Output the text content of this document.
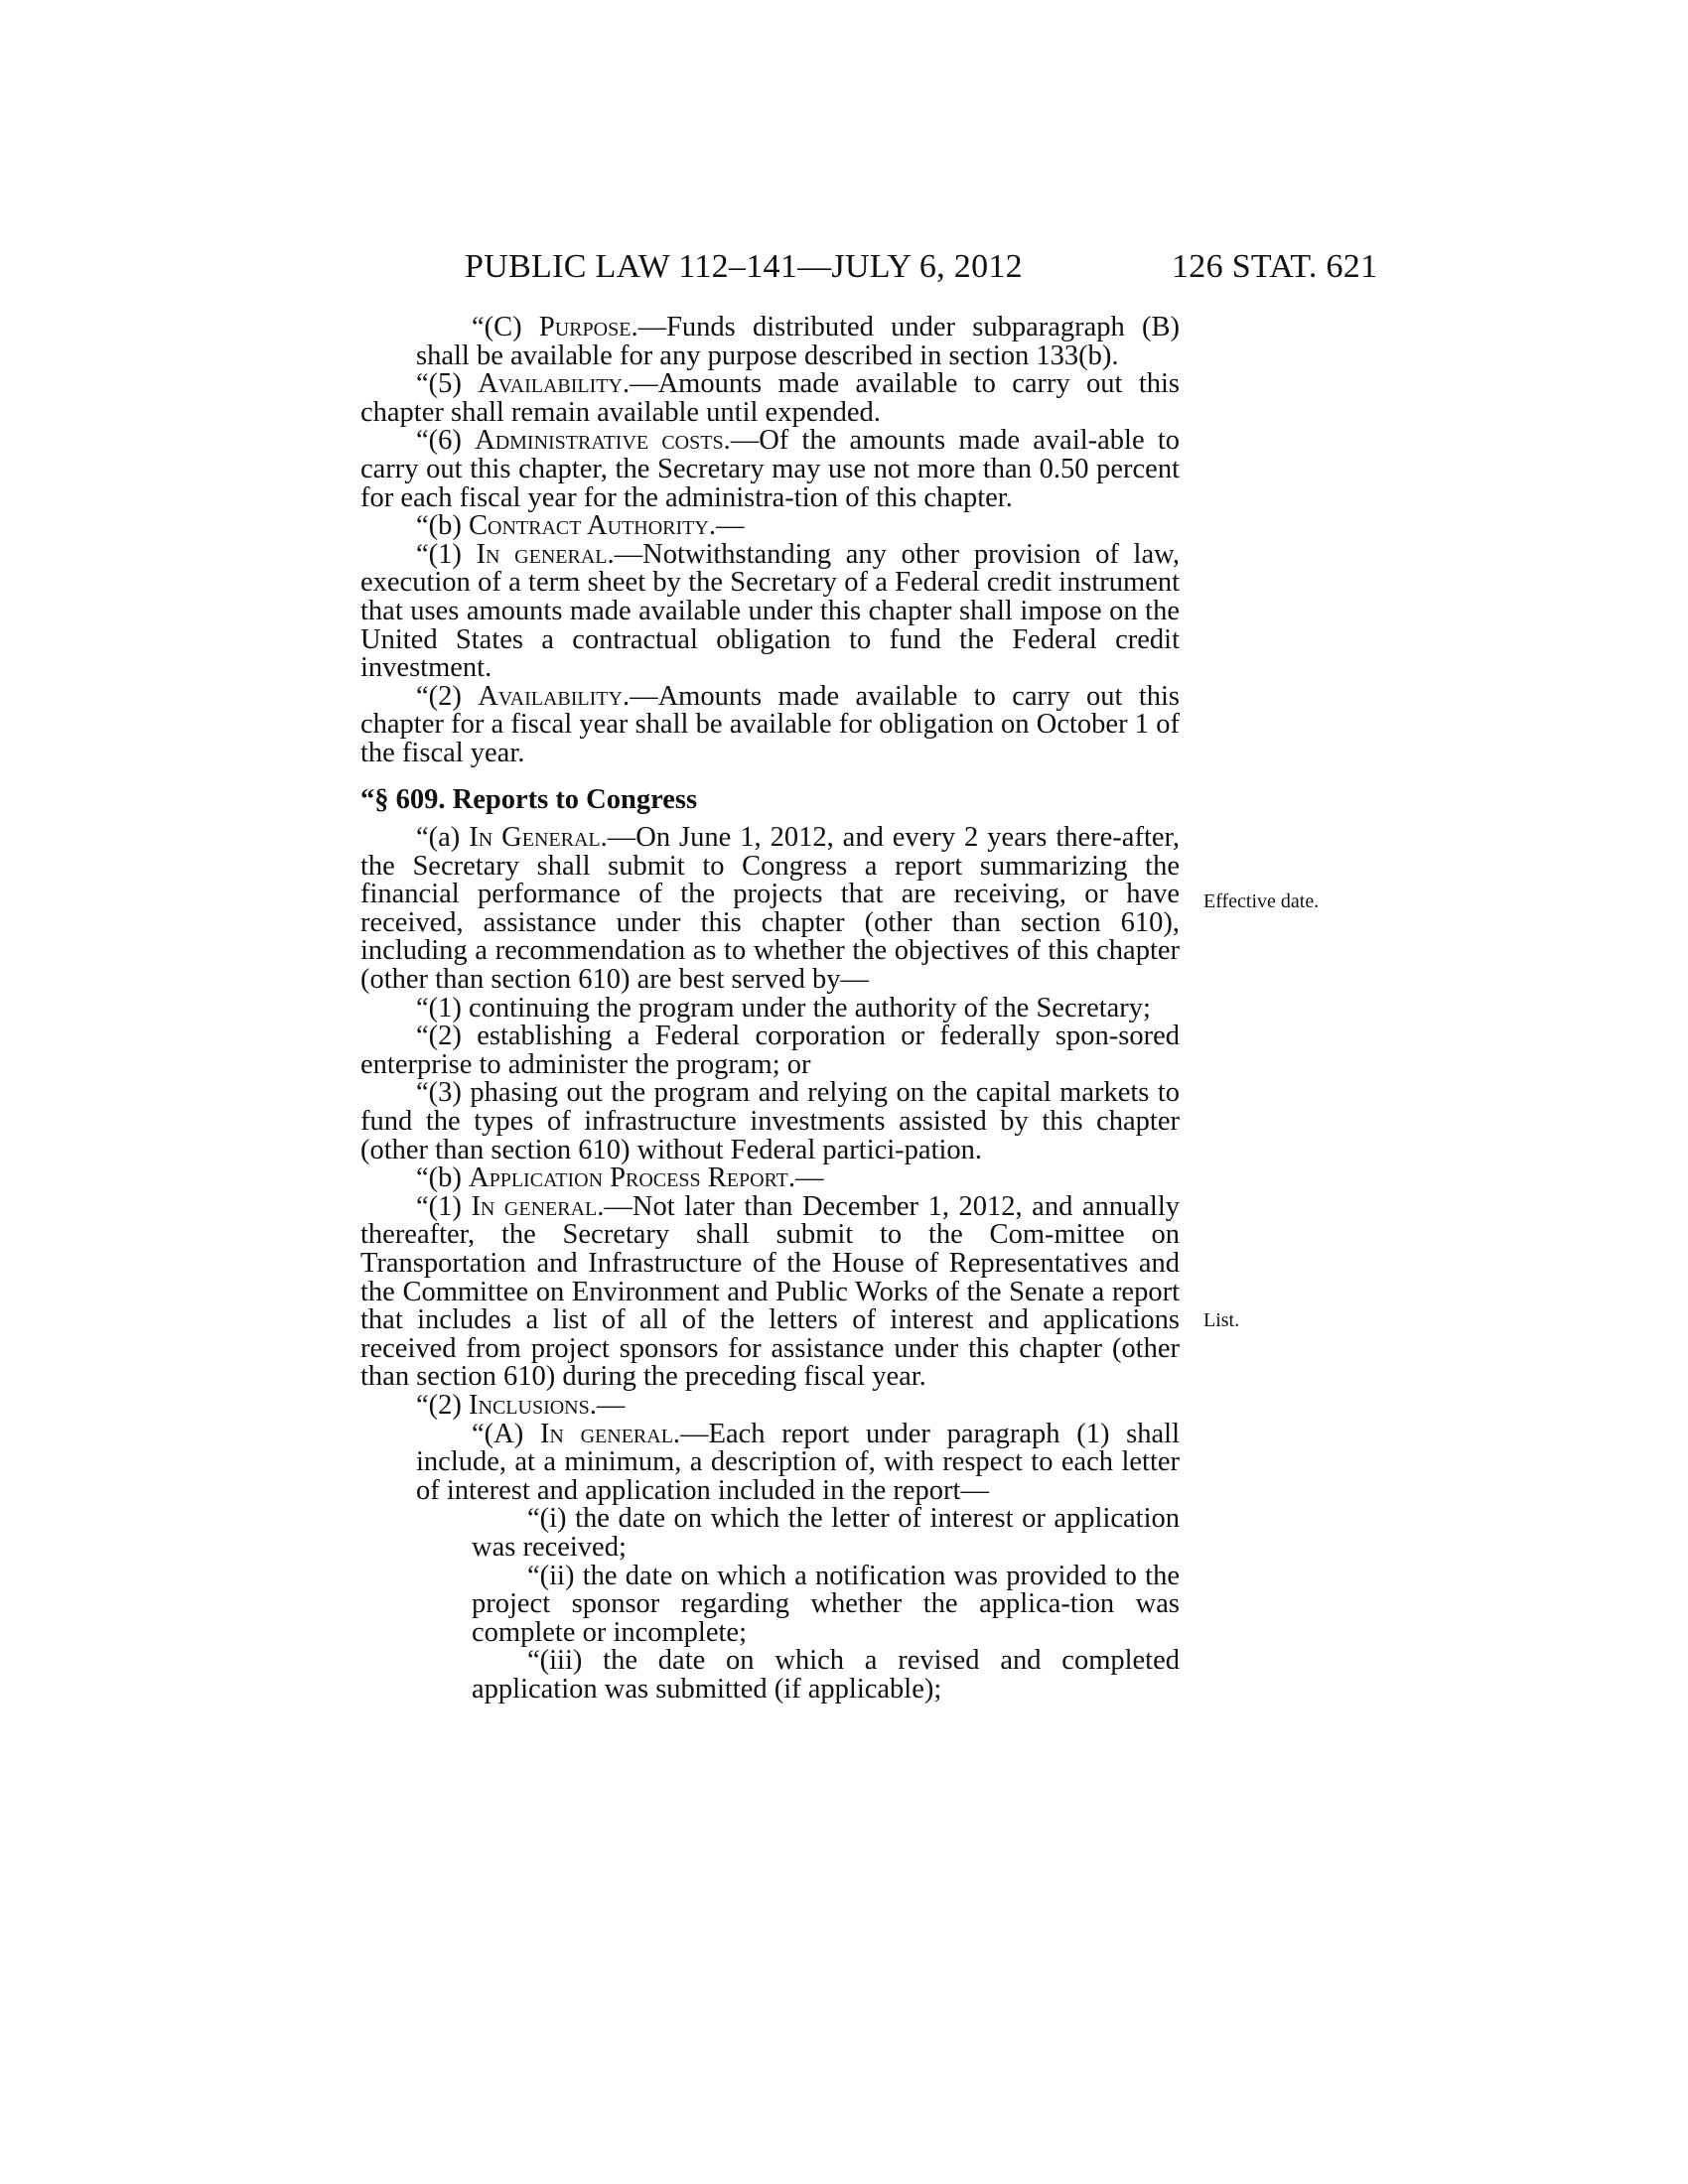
PUBLIC LAW 112–141—JULY 6, 2012	126 STAT. 621
Effective date.
List.

“(C) Purpose.—Funds distributed under subparagraph (B) shall be available for any purpose described in section 133(b).

“(5) Availability.—Amounts made available to carry out this chapter shall remain available until expended.

“(6) Administrative costs.—Of the amounts made avail-able to carry out this chapter, the Secretary may use not more than 0.50 percent for each fiscal year for the administra-tion of this chapter.

“(b) Contract Authority.—

“(1) In general.—Notwithstanding any other provision of law, execution of a term sheet by the Secretary of a Federal credit instrument that uses amounts made available under this chapter shall impose on the United States a contractual obligation to fund the Federal credit investment.

“(2) Availability.—Amounts made available to carry out this chapter for a fiscal year shall be available for obligation on October 1 of the fiscal year.

“§ 609. Reports to Congress

“(a) In General.—On June 1, 2012, and every 2 years there-after, the Secretary shall submit to Congress a report summarizing the financial performance of the projects that are receiving, or have received, assistance under this chapter (other than section 610), including a recommendation as to whether the objectives of this chapter (other than section 610) are best served by—

“(1) continuing the program under the authority of the Secretary;

“(2) establishing a Federal corporation or federally spon-sored enterprise to administer the program; or

“(3) phasing out the program and relying on the capital markets to fund the types of infrastructure investments assisted by this chapter (other than section 610) without Federal partici-pation.

“(b) Application Process Report.—

“(1) In general.—Not later than December 1, 2012, and annually thereafter, the Secretary shall submit to the Com-mittee on Transportation and Infrastructure of the House of Representatives and the Committee on Environment and Public Works of the Senate a report that includes a list of all of the letters of interest and applications received from project sponsors for assistance under this chapter (other than section 610) during the preceding fiscal year.

“(2) Inclusions.—

“(A) In general.—Each report under paragraph (1) shall include, at a minimum, a description of, with respect to each letter of interest and application included in the report—

“(i) the date on which the letter of interest or application was received;

“(ii) the date on which a notification was provided to the project sponsor regarding whether the applica-tion was complete or incomplete;

“(iii) the date on which a revised and completed application was submitted (if applicable);
